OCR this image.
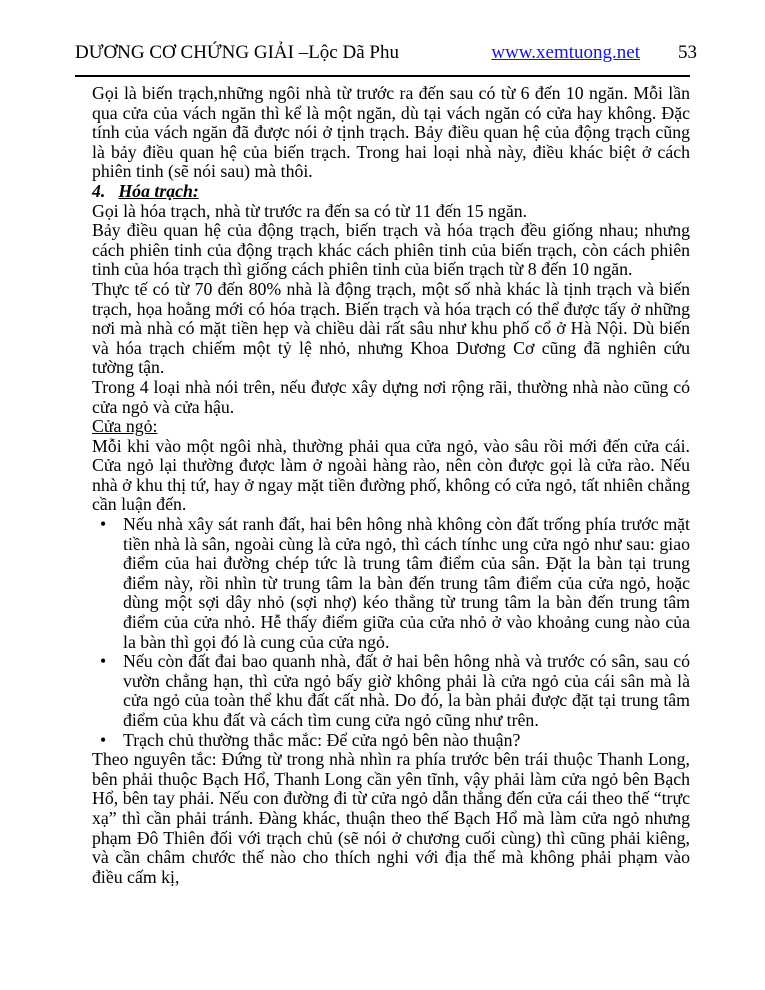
DƯƠNG CƠ CHỨNG GIẢI –Lộc Dã Phu	www.xemtuong.net 53

Gọi là biến trạch,những ngôi nhà từ trước ra đến sau có từ 6 đến 10 ngăn. Mỗi lần qua cửa của vách ngăn thì kể là một ngăn, dù tại vách ngăn có cửa hay không. Đặc tính của vách ngăn đã được nói ở tịnh trạch. Bảy điều quan hệ của động trạch cũng là bảy điều quan hệ của biến trạch. Trong hai loại nhà này, điều khác biệt ở cách phiên tinh (sẽ nói sau) mà thôi.

4. Hóa trạch:

Gọi là hóa trạch, nhà từ trước ra đến sa có từ 11 đến 15 ngăn.

Bảy điều quan hệ của động trạch, biến trạch và hóa trạch đều giống nhau; nhưng cách phiên tinh của động trạch khác cách phiên tinh của biến trạch, còn cách phiên tinh của hóa trạch thì giống cách phiên tinh của biến trạch từ 8 đến 10 ngăn.

Thực tế có từ 70 đến 80% nhà là động trạch, một số nhà khác là tịnh trạch và biến trạch, họa hoằng mới có hóa trạch. Biến trạch và hóa trạch có thể được tấy ở những nơi mà nhà có mặt tiền hẹp và chiều dài rất sâu như khu phố cổ ở Hà Nội. Dù biến và hóa trạch chiếm một tỷ lệ nhỏ, nhưng Khoa Dương Cơ cũng đã nghiên cứu tường tận.

Trong 4 loại nhà nói trên, nếu được xây dựng nơi rộng rãi, thường nhà nào cũng có cửa ngỏ và cửa hậu.

Cửa ngỏ:

Mỗi khi vào một ngôi nhà, thường phải qua cửa ngỏ, vào sâu rồi mới đến cửa cái. Cửa ngỏ lại thường được làm ở ngoài hàng rào, nên còn được gọi là cửa rào. Nếu nhà ở khu thị tứ, hay ở ngay mặt tiền đường phố, không có cửa ngỏ, tất nhiên chẳng cần luận đến.

• Nếu nhà xây sát ranh đất, hai bên hông nhà không còn đất trống phía trước mặt tiền nhà là sân, ngoài cùng là cửa ngỏ, thì cách tínhc ung cửa ngỏ như sau: giao điểm của hai đường chép tức là trung tâm điểm của sân. Đặt la bàn tại trung điểm này, rồi nhìn từ trung tâm la bàn đến trung tâm điểm của cửa ngỏ, hoặc dùng một sợi dây nhỏ (sợi nhợ) kéo thẳng từ trung tâm la bàn đến trung tâm điểm của cửa nhỏ. Hễ thấy điểm giữa của cửa nhỏ ở vào khoảng cung nào của la bàn thì gọi đó là cung của cửa ngỏ.
• Nếu còn đất đai bao quanh nhà, đất ở hai bên hông nhà và trước có sân, sau có vườn chẳng hạn, thì cửa ngỏ bấy giờ không phải là cửa ngỏ của cái sân mà là cửa ngỏ của toàn thể khu đất cất nhà. Do đó, la bàn phải được đặt tại trung tâm điểm của khu đất và cách tìm cung cửa ngỏ cũng như trên.
• Trạch chủ thường thắc mắc: Để cửa ngỏ bên nào thuận?

Theo nguyên tắc: Đứng từ trong nhà nhìn ra phía trước bên trái thuộc Thanh Long, bên phải thuộc Bạch Hổ, Thanh Long cần yên tĩnh, vậy phải làm cửa ngỏ bên Bạch Hổ, bên tay phải. Nếu con đường đi từ cửa ngỏ dẫn thẳng đến cửa cái theo thế “trực xạ” thì cần phải tránh. Đàng khác, thuận theo thế Bạch Hổ mà làm cửa ngỏ nhưng phạm Đô Thiên đối với trạch chủ (sẽ nói ở chương cuối cùng) thì cũng phải kiêng, và cần châm chước thế nào cho thích nghi với địa thế mà không phải phạm vào điều cấm kị,
